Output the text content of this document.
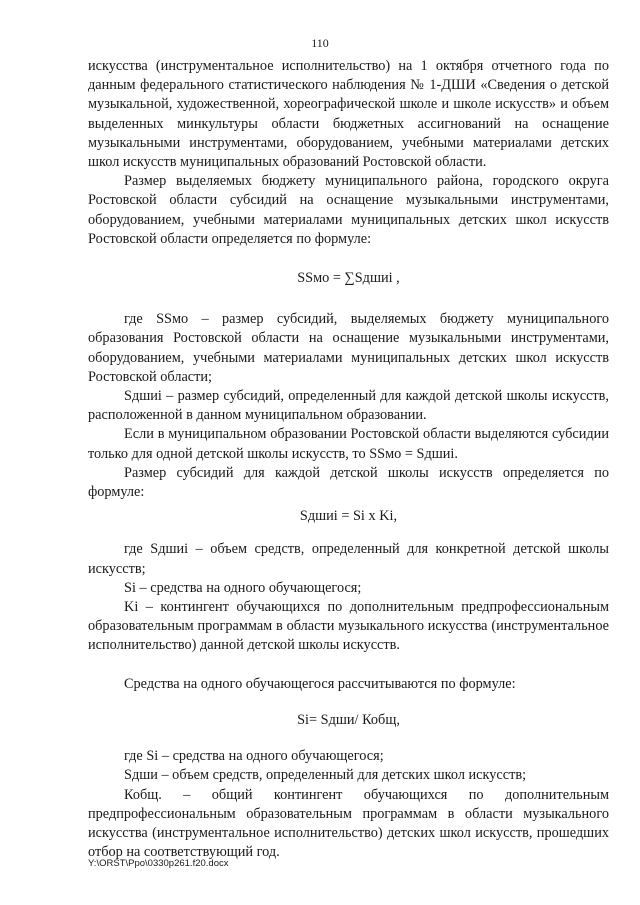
110

искусства (инструментальное исполнительство) на 1 октября отчетного года по данным федерального статистического наблюдения № 1-ДШИ «Сведения о детской музыкальной, художественной, хореографической школе и школе искусств» и объем выделенных минкультуры области бюджетных ассигнований на оснащение музыкальными инструментами, оборудованием, учебными материалами детских школ искусств муниципальных образований Ростовской области.

Размер выделяемых бюджету муниципального района, городского округа Ростовской области субсидий на оснащение музыкальными инструментами, оборудованием, учебными материалами муниципальных детских школ искусств Ростовской области определяется по формуле:

SSмо = ∑Sдшиi ,

где SSмо – размер субсидий, выделяемых бюджету муниципального образования Ростовской области на оснащение музыкальными инструментами, оборудованием, учебными материалами муниципальных детских школ искусств Ростовской области;

Sдшиi – размер субсидий, определенный для каждой детской школы искусств, расположенной в данном муниципальном образовании.

Если в муниципальном образовании Ростовской области выделяются субсидии только для одной детской школы искусств, то SSмо = Sдшиi.

Размер субсидий для каждой детской школы искусств определяется по формуле:

Sдшиi = Si x Ki,

где Sдшиi – объем средств, определенный для конкретной детской школы искусств;

Si – средства на одного обучающегося;

Ki – контингент обучающихся по дополнительным предпрофессиональным образовательным программам в области музыкального искусства (инструментальное исполнительство) данной детской школы искусств.

Средства на одного обучающегося рассчитываются по формуле:

Si= Sдши/ Кобщ,

где Si – средства на одного обучающегося;

Sдши – объем средств, определенный для детских школ искусств;

Кобщ. – общий контингент обучающихся по дополнительным предпрофессиональным образовательным программам в области музыкального искусства (инструментальное исполнительство) детских школ искусств, прошедших отбор на соответствующий год.

Y:\ORST\Ppo\0330p261.f20.docx
